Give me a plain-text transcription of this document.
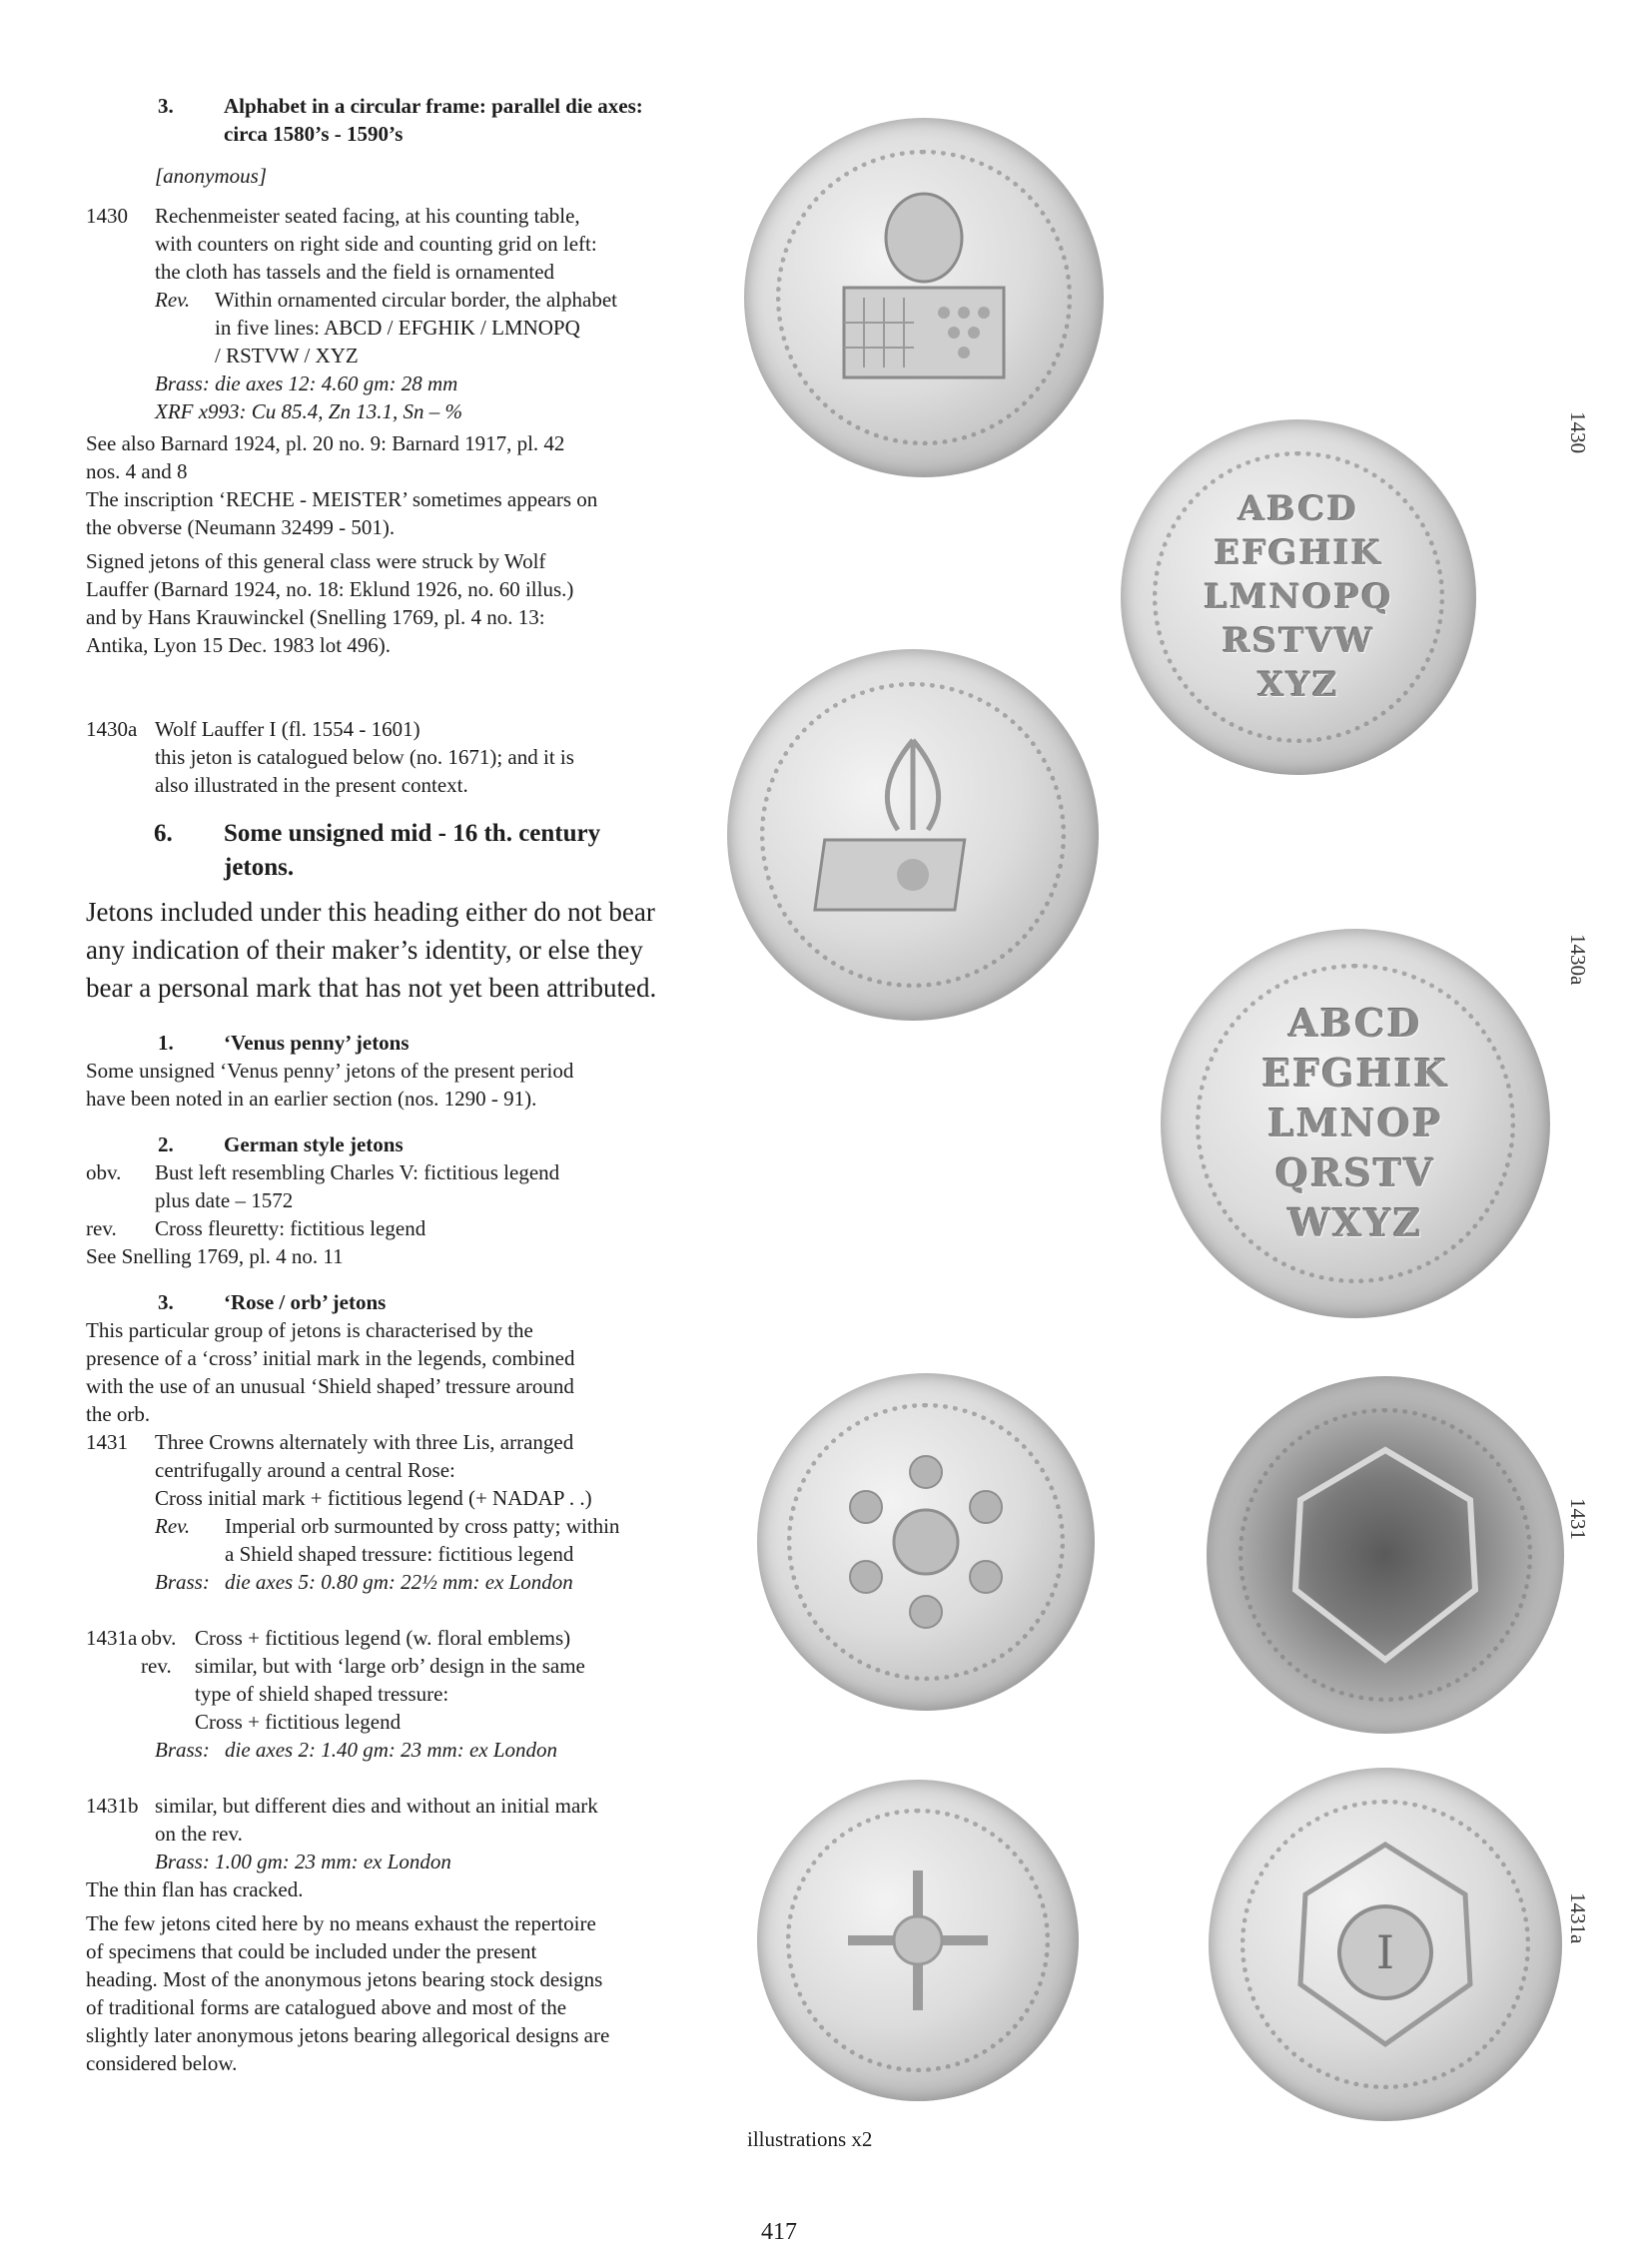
3.	Alphabet in a circular frame: parallel die axes:
circa 1580’s - 1590’s

[anonymous]

1430	Rechenmeister seated facing, at his counting table,
with counters on right side and counting grid on left:
the cloth has tassels and the field is ornamented
Rev.	Within ornamented circular border, the alphabet
in five lines: ABCD / EFGHIK / LMNOPQ
/ RSTVW / XYZ
Brass: die axes 12: 4.60 gm: 28 mm
XRF x993: Cu 85.4, Zn 13.1, Sn – %
See also Barnard 1924, pl. 20 no. 9: Barnard 1917, pl. 42
nos. 4 and 8
The inscription ‘RECHE - MEISTER’ sometimes appears on
the obverse (Neumann 32499 - 501).
Signed jetons of this general class were struck by Wolf
Lauffer (Barnard 1924, no. 18: Eklund 1926, no. 60 illus.)
and by Hans Krauwinckel (Snelling 1769, pl. 4 no. 13:
Antika, Lyon 15 Dec. 1983 lot 496).
1430a Wolf Lauffer I (fl. 1554 - 1601)
this jeton is catalogued below (no. 1671); and it is
also illustrated in the present context.
6.	Some unsigned mid - 16 th. century
jetons.
Jetons included under this heading either do not bear
any indication of their maker’s identity, or else they
bear a personal mark that has not yet been attributed.
1.	‘Venus penny’ jetons
Some unsigned ‘Venus penny’ jetons of the present period
have been noted in an earlier section (nos. 1290 - 91).
2.	German style jetons
obv.	Bust left resembling Charles V: fictitious legend
plus date – 1572
rev.	Cross fleuretty: fictitious legend
See Snelling 1769, pl. 4 no. 11
3.	‘Rose / orb’ jetons
This particular group of jetons is characterised by the
presence of a ‘cross’ initial mark in the legends, combined
with the use of an unusual ‘Shield shaped’ tressure around
the orb.
1431	Three Crowns alternately with three Lis, arranged
centrifugally around a central Rose:
Cross initial mark + fictitious legend (+ NADAP . .)
Rev.	Imperial orb surmounted by cross patty; within
a Shield shaped tressure: fictitious legend
Brass: die axes 5: 0.80 gm: 22½ mm: ex London
1431a obv. Cross + fictitious legend (w. floral emblems)
rev.	similar, but with ‘large orb’ design in the same
type of shield shaped tressure:
Cross + fictitious legend
Brass: die axes 2: 1.40 gm: 23 mm: ex London
1431b similar, but different dies and without an initial mark
on the rev.
Brass: 1.00 gm: 23 mm: ex London
The thin flan has cracked.
The few jetons cited here by no means exhaust the repertoire
of specimens that could be included under the present
heading. Most of the anonymous jetons bearing stock designs
of traditional forms are catalogued above and most of the
slightly later anonymous jetons bearing allegorical designs are
considered below.
ABCD
EFGHIK
LMNOPQ
RSTVW
XYZ
1430
ABCD
EFGHIK
LMNOP
QRSTV
WXYZ
1430a
1431
I
1431a
illustrations x2
417
